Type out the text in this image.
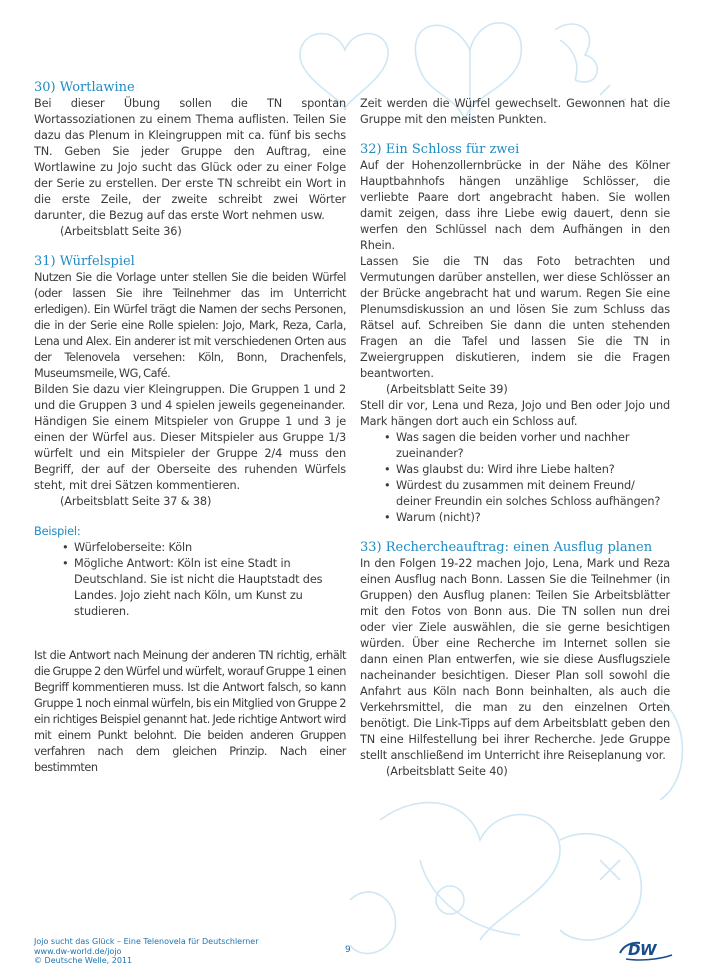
30) Wortlawine

Bei dieser Übung sollen die TN spontan Wortassoziationen zu einem Thema auflisten. Teilen Sie dazu das Plenum in Kleingruppen mit ca. fünf bis sechs TN. Geben Sie jeder Gruppe den Auftrag, eine Wortlawine zu Jojo sucht das Glück oder zu einer Folge der Serie zu erstellen. Der erste TN schreibt ein Wort in die erste Zeile, der zweite schreibt zwei Wörter darunter, die Bezug auf das erste Wort nehmen usw.

(Arbeitsblatt Seite 36)

31) Würfelspiel

Nutzen Sie die Vorlage unter stellen Sie die beiden Würfel (oder lassen Sie ihre Teilnehmer das im Unterricht erledigen). Ein Würfel trägt die Namen der sechs Personen, die in der Serie eine Rolle spielen: Jojo, Mark, Reza, Carla, Lena und Alex. Ein anderer ist mit verschiedenen Orten aus der Telenovela versehen: Köln, Bonn, Drachenfels, Museumsmeile, WG, Café.

Bilden Sie dazu vier Kleingruppen. Die Gruppen 1 und 2 und die Gruppen 3 und 4 spielen jeweils gegeneinander.

Händigen Sie einem Mitspieler von Gruppe 1 und 3 je einen der Würfel aus. Dieser Mitspieler aus Gruppe 1/3 würfelt und ein Mitspieler der Gruppe 2/4 muss den Begriff, der auf der Oberseite des ruhenden Würfels steht, mit drei Sätzen kommentieren.

(Arbeitsblatt Seite 37 & 38)

Beispiel:

• Würfeloberseite: Köln
• Mögliche Antwort: Köln ist eine Stadt in Deutschland. Sie ist nicht die Hauptstadt des Landes. Jojo zieht nach Köln, um Kunst zu studieren.

Ist die Antwort nach Meinung der anderen TN richtig, erhält die Gruppe 2 den Würfel und würfelt, worauf Gruppe 1 einen Begriff kommentieren muss. Ist die Antwort falsch, so kann Gruppe 1 noch einmal würfeln, bis ein Mitglied von Gruppe 2 ein richtiges Beispiel genannt hat. Jede richtige Antwort wird mit einem Punkt belohnt. Die beiden anderen Gruppen verfahren nach dem gleichen Prinzip. Nach einer bestimmten

Zeit werden die Würfel gewechselt. Gewonnen hat die Gruppe mit den meisten Punkten.

32) Ein Schloss für zwei

Auf der Hohenzollernbrücke in der Nähe des Kölner Hauptbahnhofs hängen unzählige Schlösser, die verliebte Paare dort angebracht haben. Sie wollen damit zeigen, dass ihre Liebe ewig dauert, denn sie werfen den Schlüssel nach dem Aufhängen in den Rhein.

Lassen Sie die TN das Foto betrachten und Vermutungen darüber anstellen, wer diese Schlösser an der Brücke angebracht hat und warum. Regen Sie eine Plenumsdiskussion an und lösen Sie zum Schluss das Rätsel auf. Schreiben Sie dann die unten stehenden Fragen an die Tafel und lassen Sie die TN in Zweiergruppen diskutieren, indem sie die Fragen beantworten.

(Arbeitsblatt Seite 39)

Stell dir vor, Lena und Reza, Jojo und Ben oder Jojo und Mark hängen dort auch ein Schloss auf.

• Was sagen die beiden vorher und nachher zueinander?
• Was glaubst du: Wird ihre Liebe halten?
• Würdest du zusammen mit deinem Freund/ deiner Freundin ein solches Schloss aufhängen?
• Warum (nicht)?
33) Rechercheauftrag: einen Ausflug planen

In den Folgen 19-22 machen Jojo, Lena, Mark und Reza einen Ausflug nach Bonn. Lassen Sie die Teilnehmer (in Gruppen) den Ausflug planen: Teilen Sie Arbeitsblätter mit den Fotos von Bonn aus. Die TN sollen nun drei oder vier Ziele auswählen, die sie gerne besichtigen würden. Über eine Recherche im Internet sollen sie dann einen Plan entwerfen, wie sie diese Ausflugsziele nacheinander besichtigen. Dieser Plan soll sowohl die Anfahrt aus Köln nach Bonn beinhalten, als auch die Verkehrsmittel, die man zu den einzelnen Orten benötigt. Die Link-Tipps auf dem Arbeitsblatt geben den TN eine Hilfestellung bei ihrer Recherche. Jede Gruppe stellt anschließend im Unterricht ihre Reiseplanung vor.

(Arbeitsblatt Seite 40)

Jojo sucht das Glück – Eine Telenovela für Deutschlerner
www.dw-world.de/jojo
© Deutsche Welle, 2011
9	DW
